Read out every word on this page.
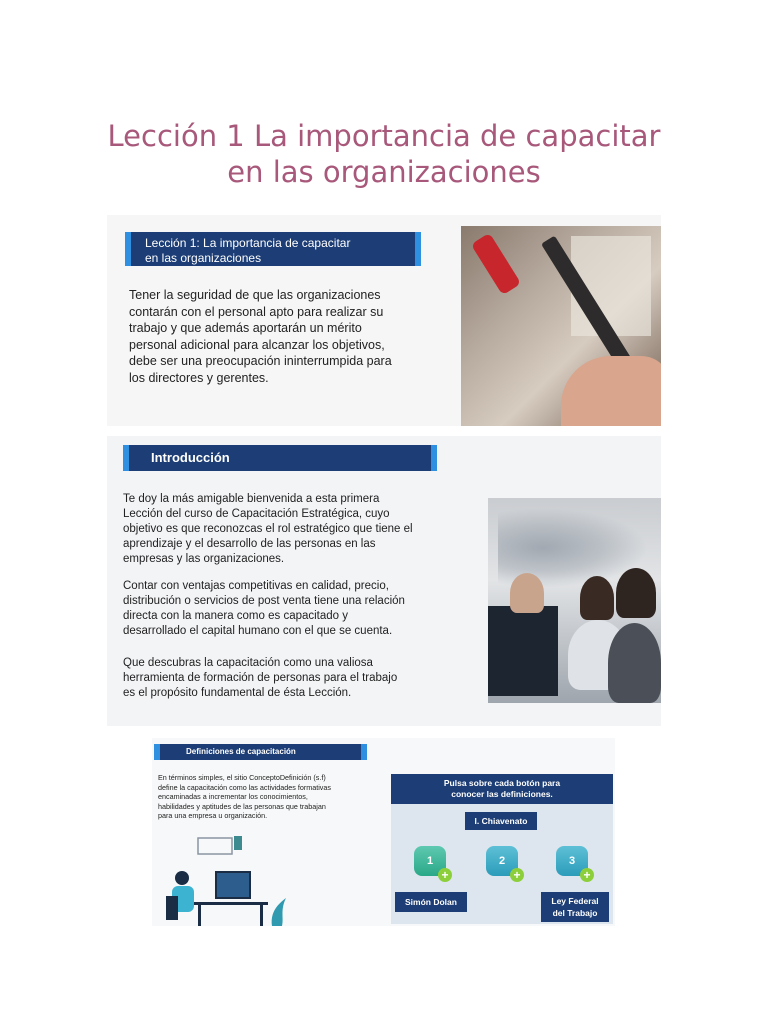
Lección 1 La importancia de capacitar
en las organizaciones
Lección 1: La importancia de capacitar
en las organizaciones
Tener la seguridad de que las organizaciones
contarán con el personal apto para realizar su
trabajo y que además aportarán un mérito
personal adicional para alcanzar los objetivos,
debe ser una preocupación ininterrumpida para
los directores y gerentes.
Introducción
Te doy la más amigable bienvenida a esta primera
Lección del curso de Capacitación Estratégica, cuyo
objetivo es que reconozcas el rol estratégico que tiene el
aprendizaje y el desarrollo de las personas en las
empresas y las organizaciones.
Contar con ventajas competitivas en calidad, precio,
distribución o servicios de post venta tiene una relación
directa con la manera como es capacitado y
desarrollado el capital humano con el que se cuenta.
Que descubras la capacitación como una valiosa
herramienta de formación de personas para el trabajo
es el propósito fundamental de ésta Lección.
Definiciones de capacitación
En términos simples, el sitio ConceptoDefinición (s.f)
define la capacitación como las actividades formativas
encaminadas a incrementar los conocimientos,
habilidades y aptitudes de las personas que trabajan
para una empresa u organización.
Pulsa sobre cada botón para
conocer las definiciones.
I. Chiavenato
1
+
2
+
3
+
Simón Dolan	Ley Federal
del Trabajo
